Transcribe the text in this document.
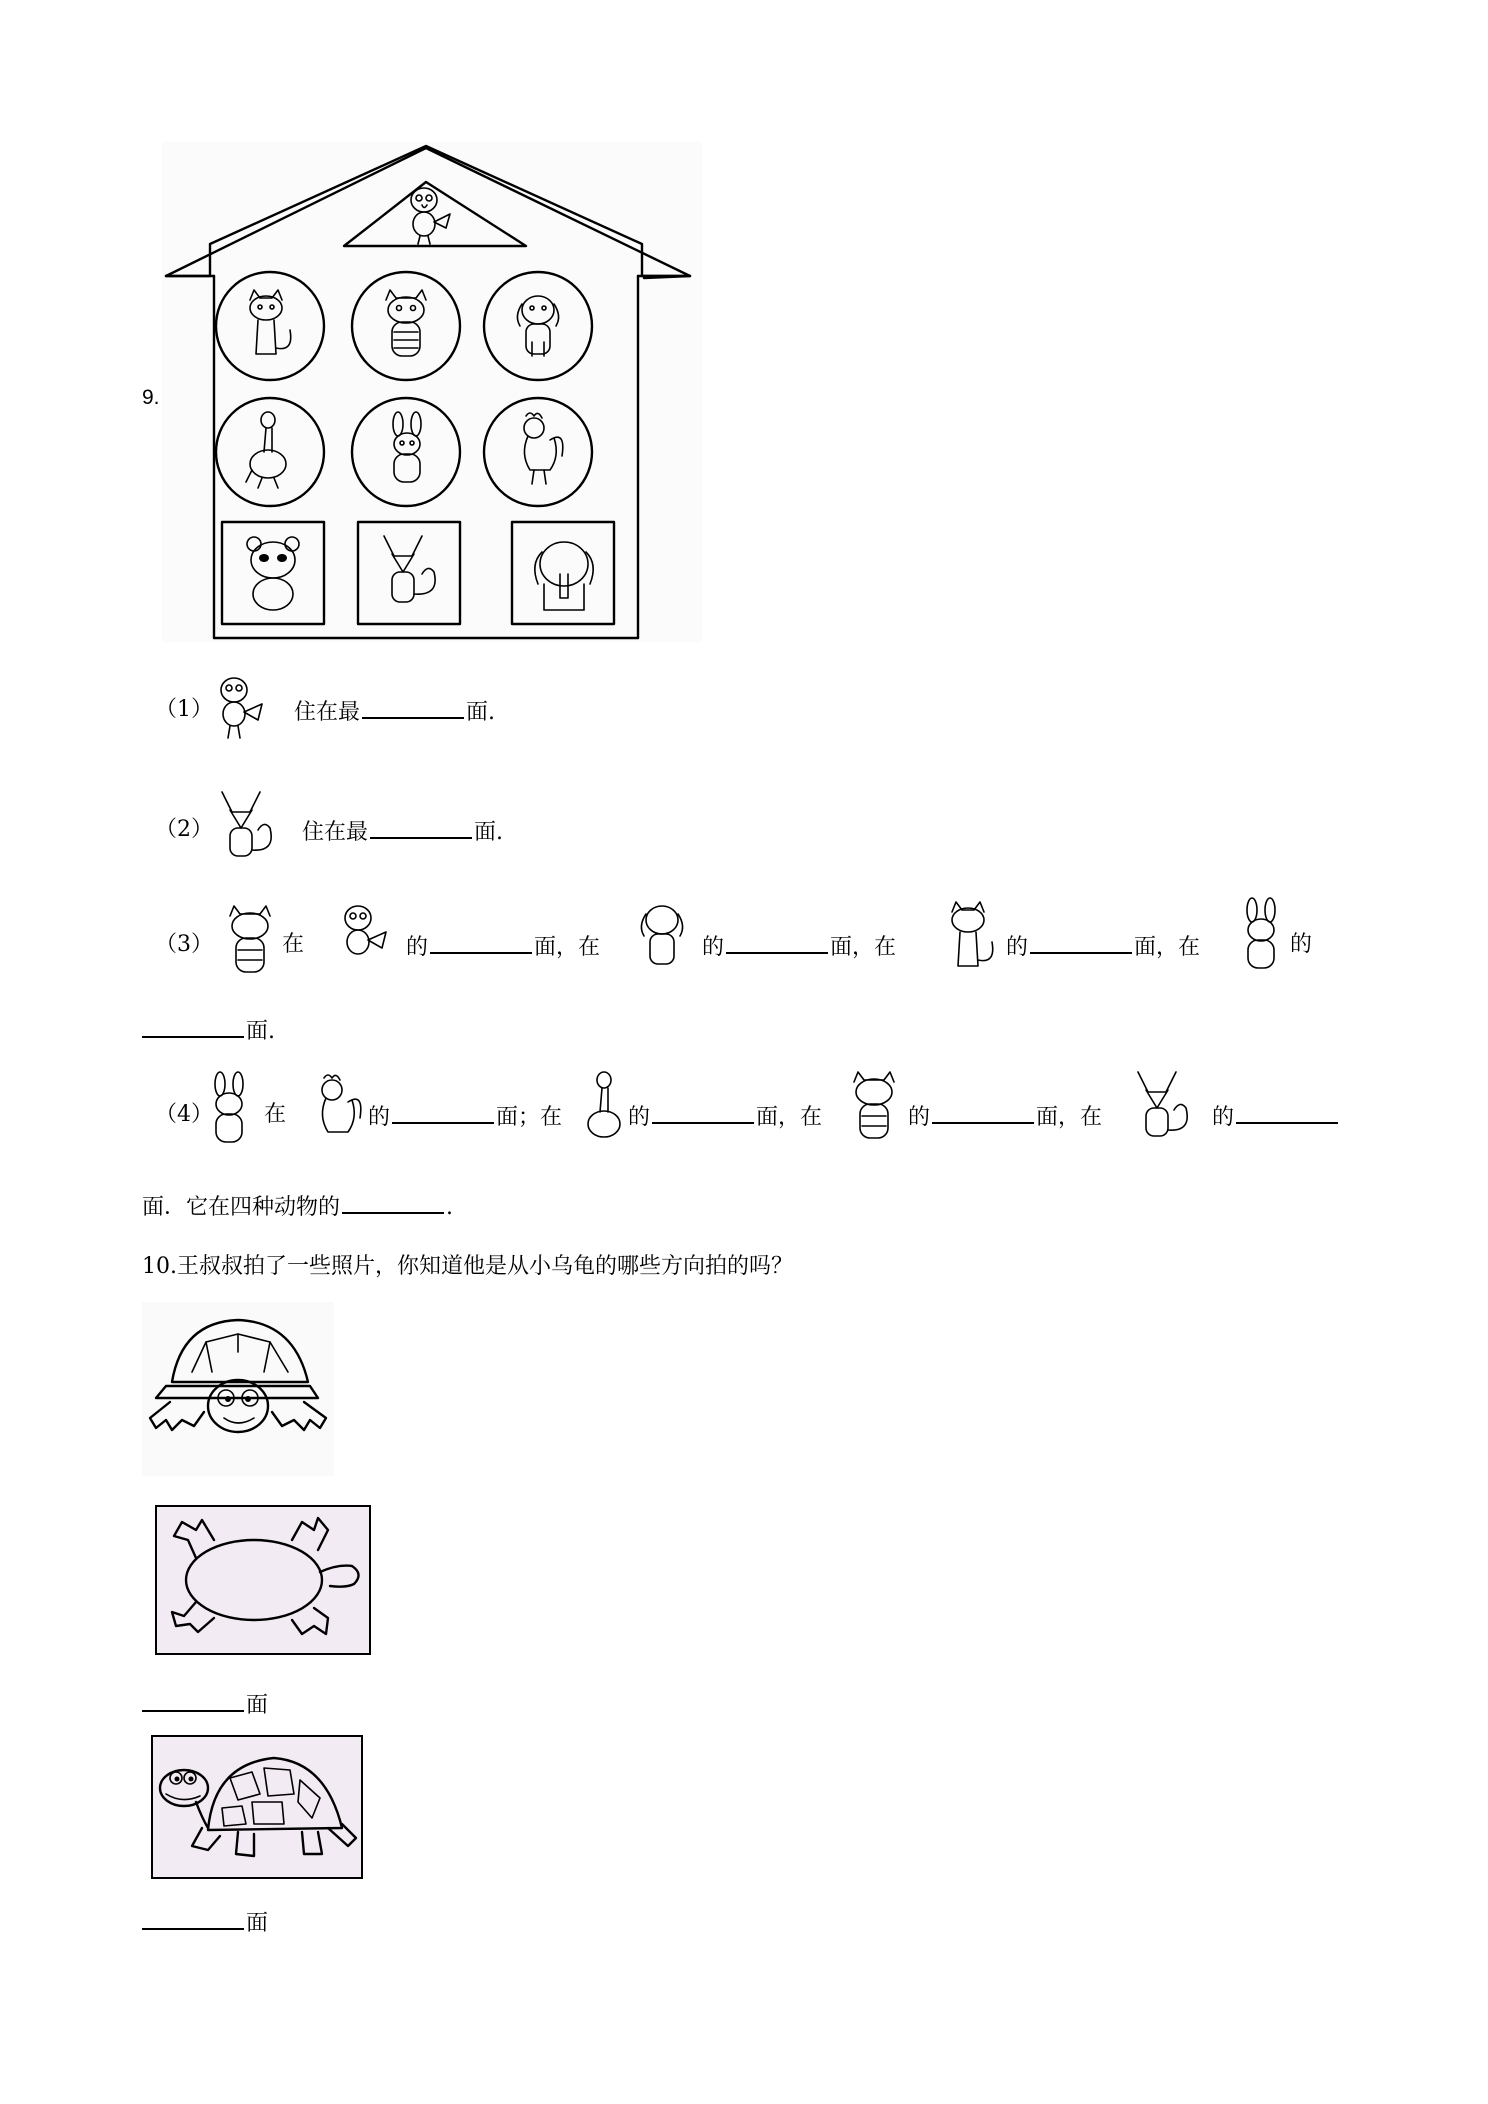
9.
（1）	住在最	面.
（2）	住在最	面.
（3）	在	的	面，在	的	面，在	的	面，在	的
面.
（4） 在	的	面；在	的	面，在	的	面，在	的
面．它在四种动物的	.
10.王叔叔拍了一些照片，你知道他是从小乌龟的哪些方向拍的吗？
面
面
